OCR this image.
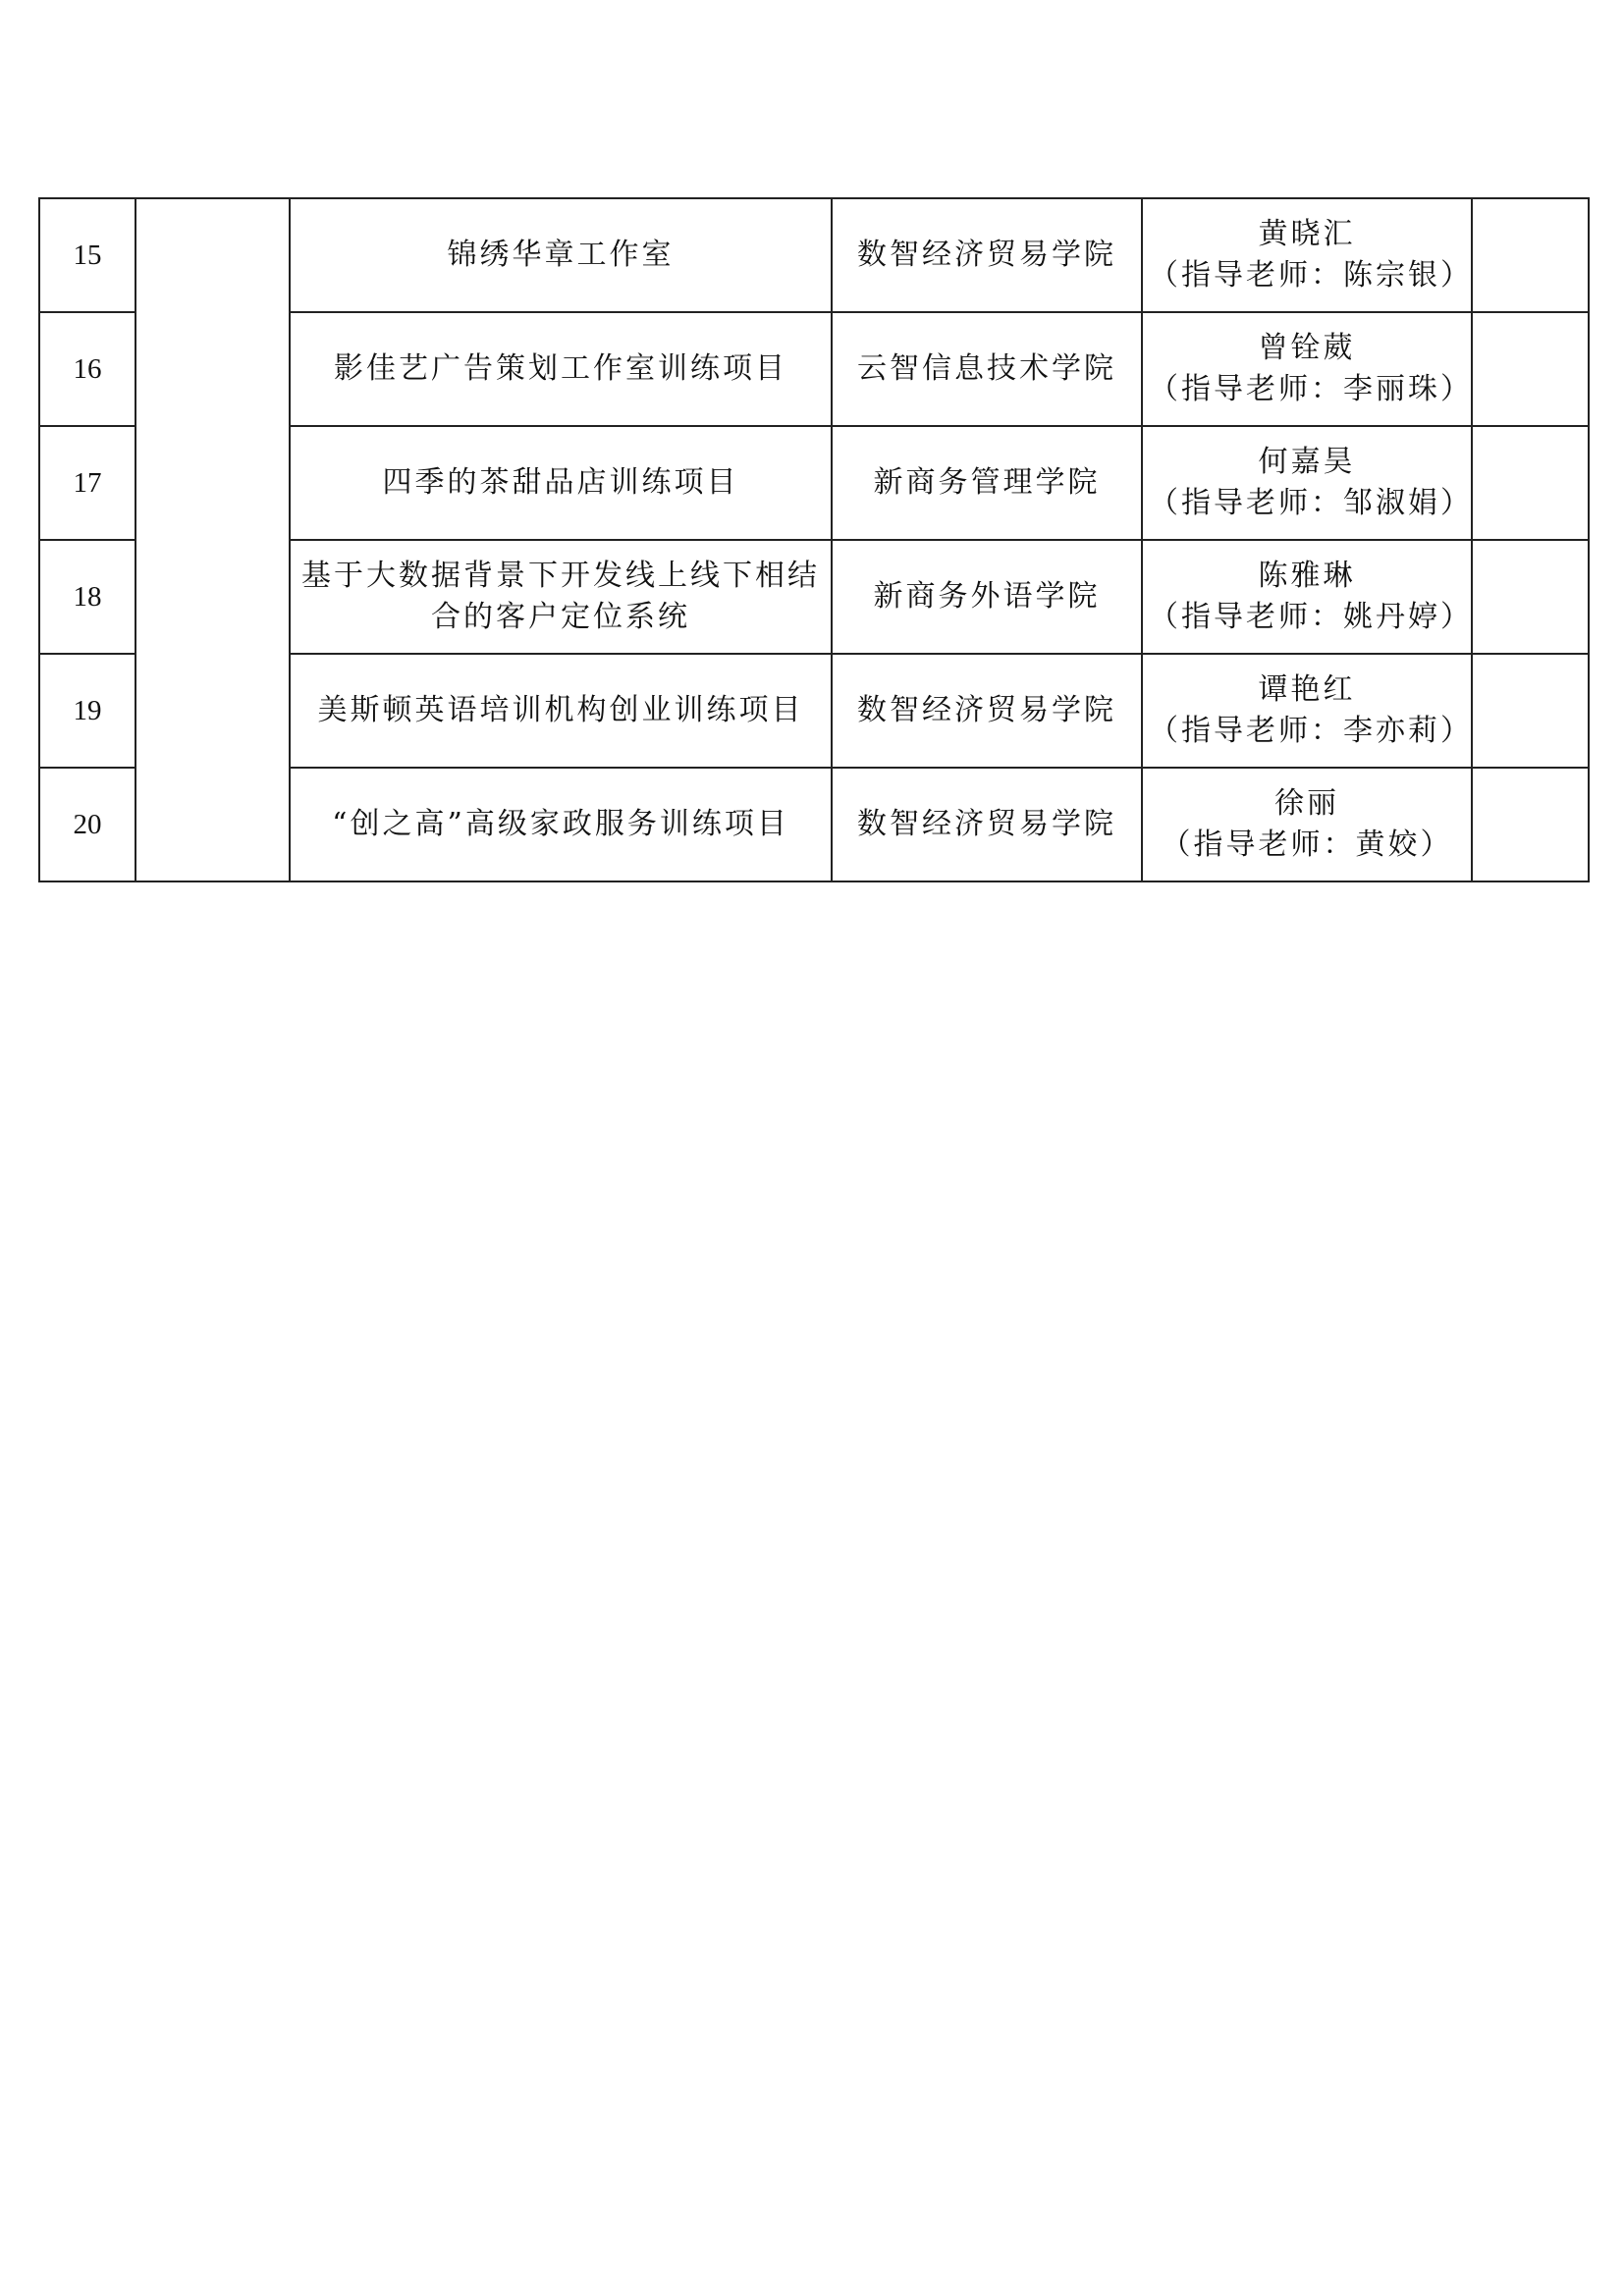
15		锦绣华章工作室	数智经济贸易学院	黄晓汇
（指导老师：陈宗银）	

16		影佳艺广告策划工作室训练项目	云智信息技术学院	曾铨葳
（指导老师：李丽珠）	

17		四季的茶甜品店训练项目	新商务管理学院	何嘉昊
（指导老师：邹淑娟）	

18		基于大数据背景下开发线上线下相结合的客户定位系统	新商务外语学院	陈雅琳
（指导老师：姚丹婷）	

19		美斯顿英语培训机构创业训练项目	数智经济贸易学院	谭艳红
（指导老师：李亦莉）	

20		“创之高”高级家政服务训练项目	数智经济贸易学院	徐丽
（指导老师：黄姣）	
